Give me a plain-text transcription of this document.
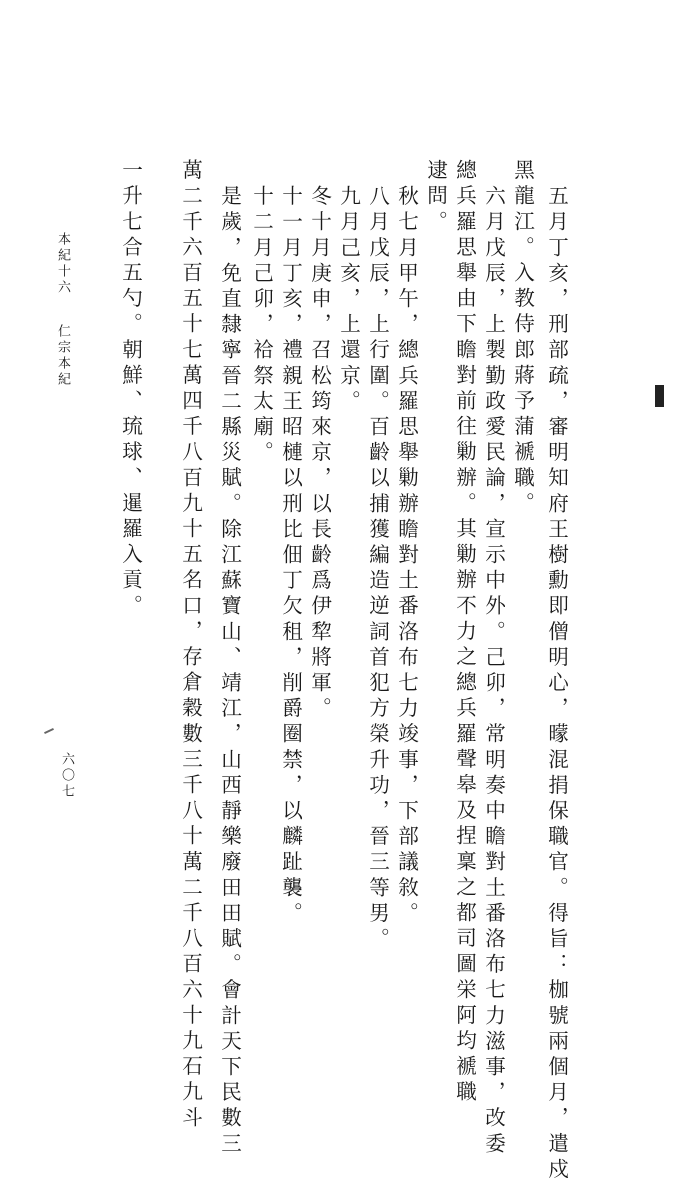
本紀十六
仁宗本紀
六〇七	五月丁亥，刑部疏，審明知府王樹勳即僧明心，曚混捐保職官。得旨：枷號兩個月，遣戍
黑龍江。入教侍郎蔣予蒲褫職。
六月戊辰，上製勤政愛民論，宣示中外。己卯，常明奏中瞻對土番洛布七力滋事，改委
總兵羅思舉由下瞻對前往勦辦。其勦辦不力之總兵羅聲皋及捏稟之都司圖栄阿均褫職
逮問。
秋七月甲午，總兵羅思舉勦辦瞻對土番洛布七力竣事，下部議敘。
八月戊辰，上行圍。百齡以捕獲編造逆詞首犯方榮升功，晉三等男。
九月己亥，上還京。
冬十月庚申，召松筠來京，以長齡爲伊犂將軍。
十一月丁亥，禮親王昭槤以刑比佃丁欠租，削爵圈禁，以麟趾襲。
十二月己卯，祫祭太廟。
是歲，免直隸寧晉二縣災賦。除江蘇寶山、靖江，山西靜樂廢田田賦。會計天下民數三
萬二千六百五十七萬四千八百九十五名口，存倉穀數三千八十萬二千八百六十九石九斗
一升七合五勺。朝鮮、琉球、暹羅入貢。
